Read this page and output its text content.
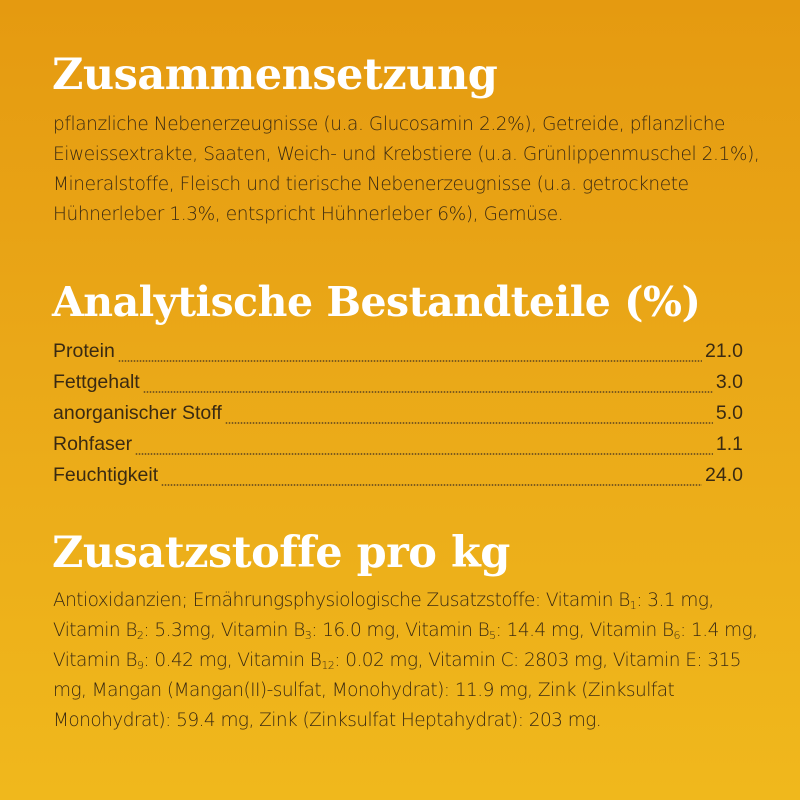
Zusammensetzung

pflanzliche Nebenerzeugnisse (u.a. Glucosamin 2.2%), Getreide, pflanzliche Eiweissextrakte, Saaten, Weich- und Krebstiere (u.a. Grünlippenmuschel 2.1%), Mineralstoffe, Fleisch und tierische Nebenerzeugnisse (u.a. getrocknete Hühnerleber 1.3%, entspricht Hühnerleber 6%), Gemüse.

Analytische Bestandteile (%)
Protein	21.0
Fettgehalt	3.0
anorganischer Stoff	5.0
Rohfaser	1.1
Feuchtigkeit	24.0
Zusatzstoffe pro kg

Antioxidanzien; Ernährungsphysiologische Zusatzstoffe: Vitamin $B_1$: 3.1 mg, Vitamin $B_2$: 5.3mg, Vitamin $B_3$: 16.0 mg, Vitamin $B_5$: 14.4 mg, Vitamin $B_6$: 1.4 mg, Vitamin $B_9$: 0.42 mg, Vitamin $B_{12}$: 0.02 mg, Vitamin C: 2803 mg, Vitamin E: 315 mg, Mangan (Mangan(II)-sulfat, Monohydrat): 11.9 mg, Zink (Zinksulfat Monohydrat): 59.4 mg, Zink (Zinksulfat Heptahydrat): 203 mg.
